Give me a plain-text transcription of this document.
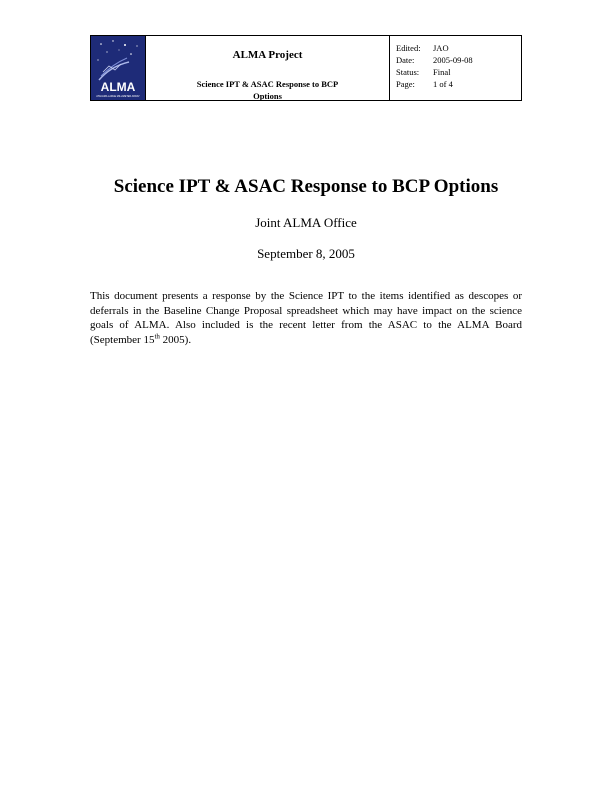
ALMA
ATACAMA LARGE MILLIMETER ARRAY
ALMA Project
Science IPT & ASAC Response to BCP Options
Edited:	JAO
Date:	2005-09-08
Status:	Final
Page:	1 of 4
Science IPT & ASAC Response to BCP Options
Joint ALMA Office
September 8, 2005
This document presents a response by the Science IPT to the items identified as descopes or deferrals in the Baseline Change Proposal spreadsheet which may have impact on the science goals of ALMA. Also included is the recent letter from the ASAC to the ALMA Board (September 15th 2005).
